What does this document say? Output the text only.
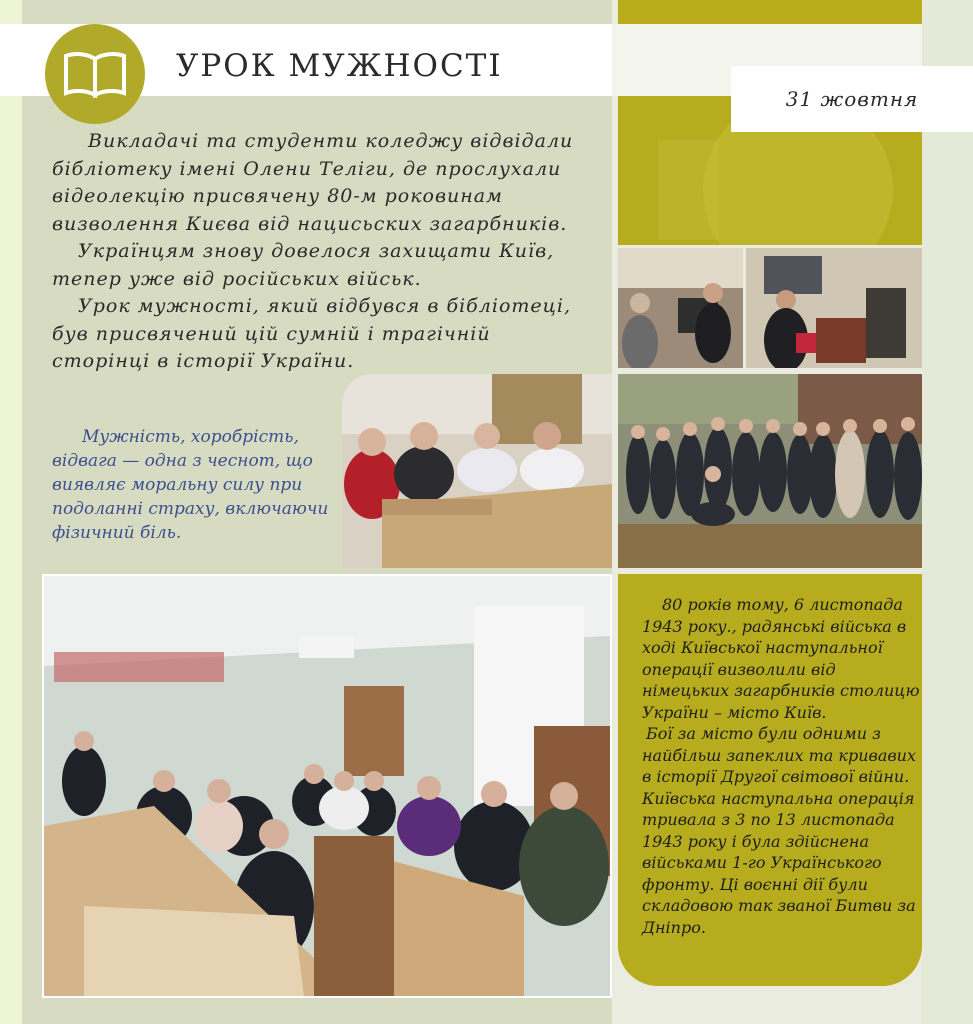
УРОК МУЖНОСТІ
31 жовтня

Викладачі та студенти коледжу відвідали бібліотеку імені Олени Теліги, де прослухали відеолекцію присвячену 80-м роковинам визволення Києва від нацисьских загарбників.

Українцям знову довелося захищати Київ, тепер уже від російських військ.

Урок мужності, який відбувся в бібліотеці, був присвячений цій сумній і трагічній сторінці в історії України.

Мужність, хоробрість, відвага — одна з чеснот, що виявляє моральну силу при подоланні страху, включаючи фізичний біль.

80 років тому, 6 листопада 1943 року., радянські війська в ході Київської наступальної операції визволили від німецьких загарбників столицю України – місто Київ.

Бої за місто були одними з найбільш запеклих та кривавих в історії Другої світової війни. Київська наступальна операція тривала з 3 по 13 листопада 1943 року і була здійснена військами 1-го Українського фронту. Ці воєнні дії були складовою так званої Битви за Дніпро.
